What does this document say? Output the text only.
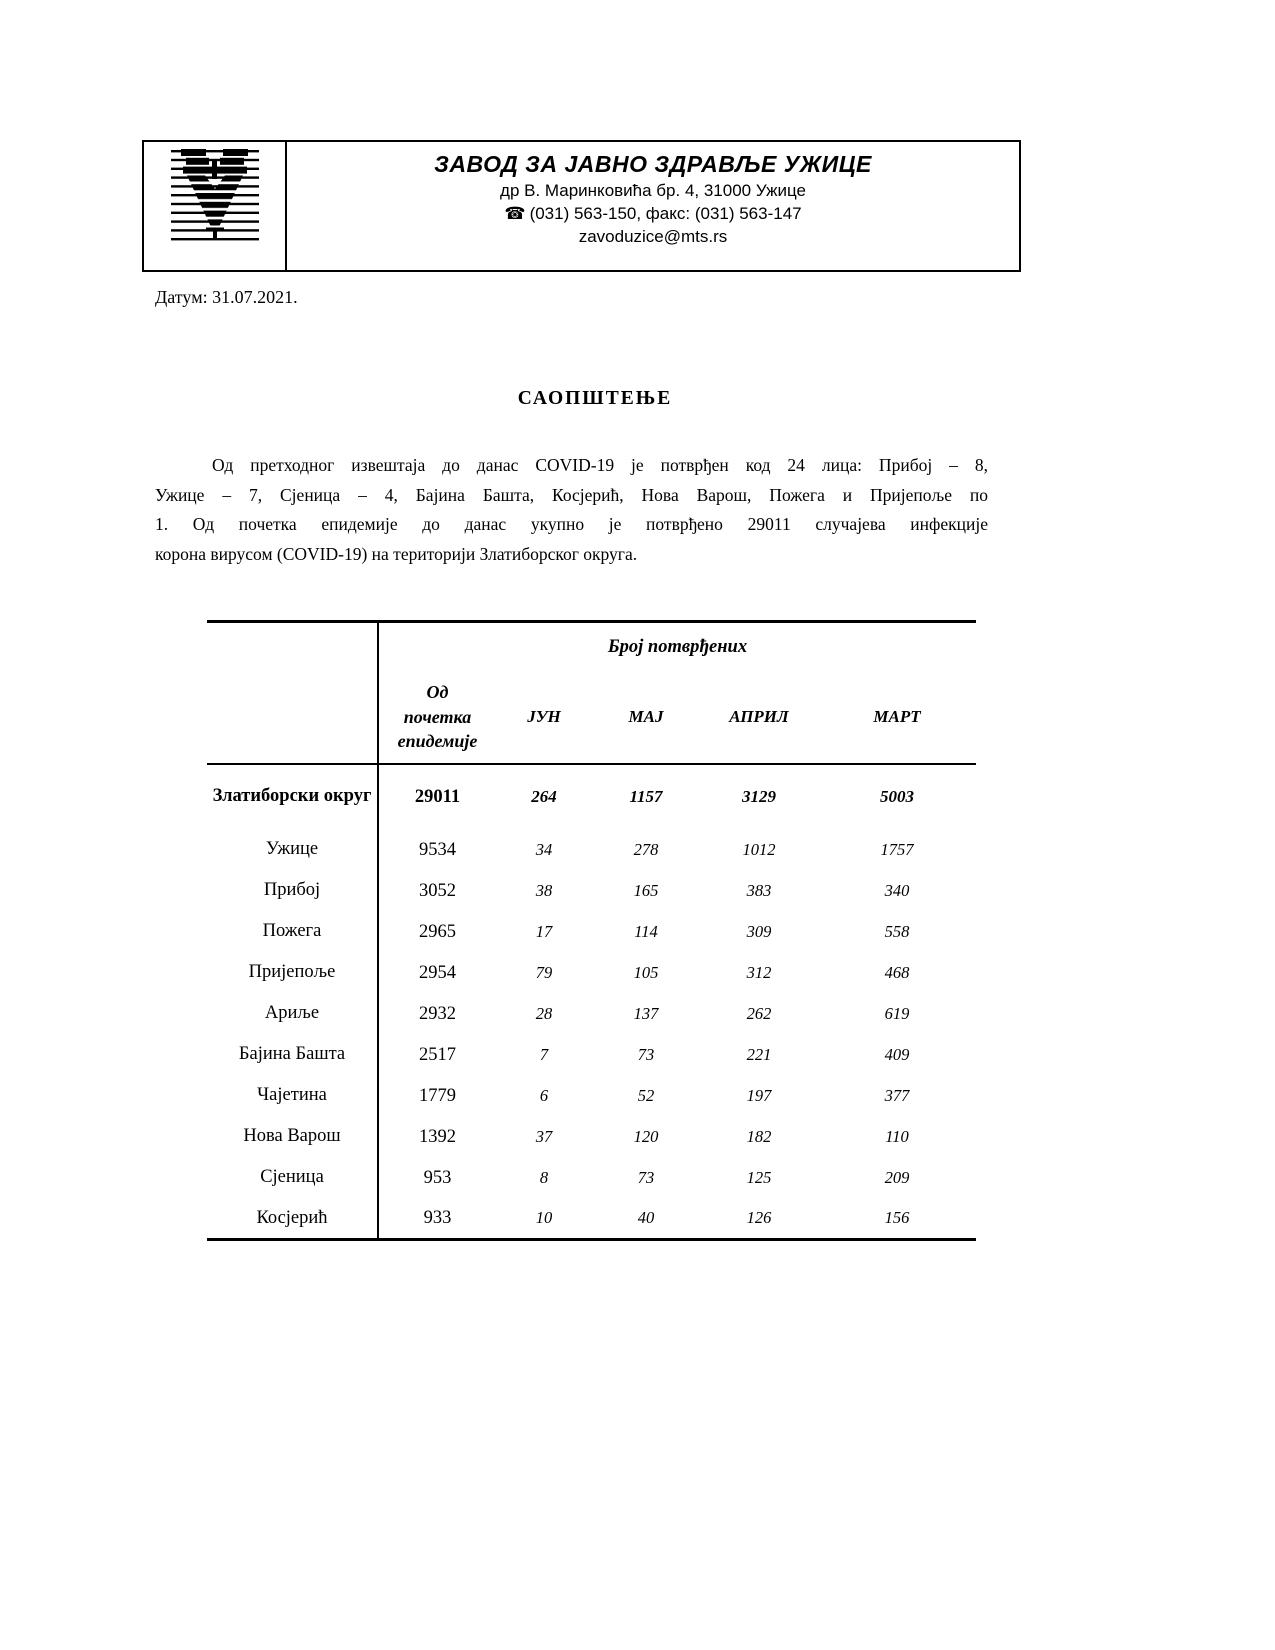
ЗАВОД ЗА ЈАВНО ЗДРАВЉЕ УЖИЦЕ
др В. Маринковића бр. 4, 31000 Ужице
☎ (031) 563-150, факс: (031) 563-147
zavoduzice@mts.rs
Датум: 31.07.2021.
САОПШТЕЊЕ
Од претходног извештаја до данас COVID-19 је потврђен код 24 лица: Прибој – 8,
Ужице – 7, Сјеница – 4, Бајина Башта, Косјерић, Нова Варош, Пожега и Пријепоље по
1. Од почетка епидемије до данас укупно је потврђено 29011 случајева инфекције
корона вирусом (COVID-19) на територији Златиборског округа.
	Број потврђених				
	Од почетка епидемије	ЈУН	МАЈ	АПРИЛ	МАРТ
Златиборски округ	29011	264	1157	3129	5003
Ужице	9534	34	278	1012	1757
Прибој	3052	38	165	383	340
Пожега	2965	17	114	309	558
Пријепоље	2954	79	105	312	468
Ариље	2932	28	137	262	619
Бајина Башта	2517	7	73	221	409
Чајетина	1779	6	52	197	377
Нова Варош	1392	37	120	182	110
Сјеница	953	8	73	125	209
Косјерић	933	10	40	126	156
